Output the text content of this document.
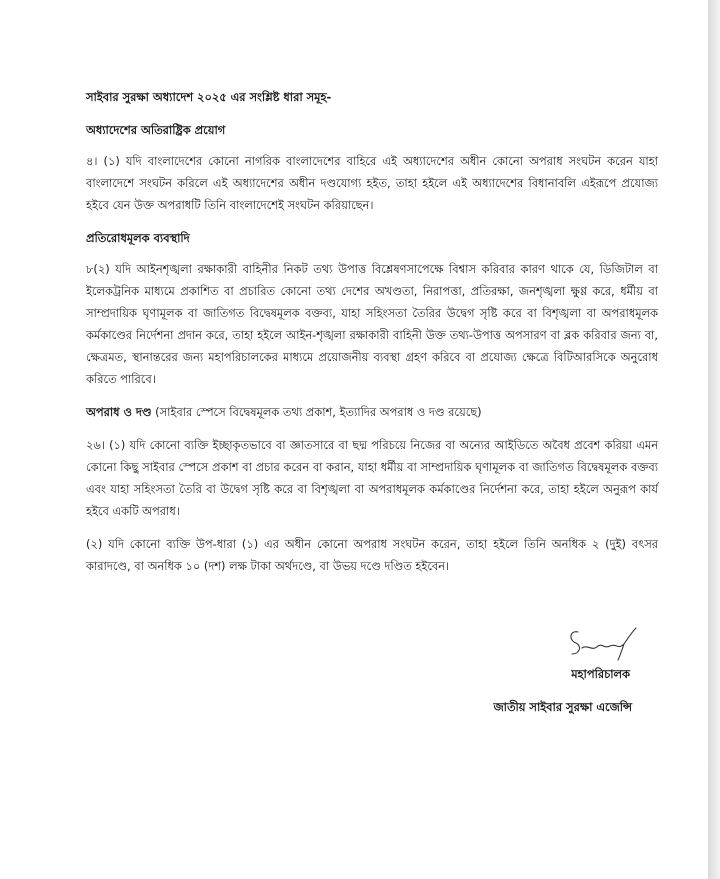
সাইবার সুরক্ষা অধ্যাদেশ ২০২৫ এর সংশ্লিষ্ট ধারা সমূহ-
অধ্যাদেশের অতিরাষ্ট্রিক প্রয়োগ
৪। (১) যদি বাংলাদেশের কোনো নাগরিক বাংলাদেশের বাহিরে এই অধ্যাদেশের অধীন কোনো অপরাধ সংঘটন করেন যাহা বাংলাদেশে সংঘটন করিলে এই অধ্যাদেশের অধীন দণ্ডযোগ্য হইত, তাহা হইলে এই অধ্যাদেশের বিধানাবলি এইরূপে প্রযোজ্য হইবে যেন উক্ত অপরাধটি তিনি বাংলাদেশেই সংঘটন করিয়াছেন।
প্রতিরোধমূলক ব্যবস্থাদি
৮(২) যদি আইনশৃঙ্খলা রক্ষাকারী বাহিনীর নিকট তথ্য উপাত্ত বিশ্লেষণসাপেক্ষে বিশ্বাস করিবার কারণ থাকে যে, ডিজিটাল বা ইলেকট্রনিক মাধ্যমে প্রকাশিত বা প্রচারিত কোনো তথ্য দেশের অখণ্ডতা, নিরাপত্তা, প্রতিরক্ষা, জনশৃঙ্খলা ক্ষুণ্ণ করে, ধর্মীয় বা সাম্প্রদায়িক ঘৃণামূলক বা জাতিগত বিদ্বেষমূলক বক্তব্য, যাহা সহিংসতা তৈরির উদ্বেগ সৃষ্টি করে বা বিশৃঙ্খলা বা অপরাধমূলক কর্মকাণ্ডের নির্দেশনা প্রদান করে, তাহা হইলে আইন-শৃঙ্খলা রক্ষাকারী বাহিনী উক্ত তথ্য-উপাত্ত অপসারণ বা ব্লক করিবার জন্য বা, ক্ষেত্রমত, স্থানান্তরের জন্য মহাপরিচালকের মাধ্যমে প্রয়োজনীয় ব্যবস্থা গ্রহণ করিবে বা প্রযোজ্য ক্ষেত্রে বিটিআরসিকে অনুরোধ করিতে পারিবে।
অপরাধ ও দণ্ড (সাইবার স্পেসে বিদ্বেষমূলক তথ্য প্রকাশ, ইত্যাদির অপরাধ ও দণ্ড রয়েছে)
২৬। (১) যদি কোনো ব্যক্তি ইচ্ছাকৃতভাবে বা জ্ঞাতসারে বা ছদ্ম পরিচয়ে নিজের বা অন্যের আইডিতে অবৈধ প্রবেশ করিয়া এমন কোনো কিছু সাইবার স্পেসে প্রকাশ বা প্রচার করেন বা করান, যাহা ধর্মীয় বা সাম্প্রদায়িক ঘৃণামূলক বা জাতিগত বিদ্বেষমূলক বক্তব্য এবং যাহা সহিংসতা তৈরি বা উদ্বেগ সৃষ্টি করে বা বিশৃঙ্খলা বা অপরাধমূলক কর্মকাণ্ডের নির্দেশনা করে, তাহা হইলে অনুরূপ কার্য হইবে একটি অপরাধ।
(২) যদি কোনো ব্যক্তি উপ-ধারা (১) এর অধীন কোনো অপরাধ সংঘটন করেন, তাহা হইলে তিনি অনধিক ২ (দুই) বৎসর কারাদণ্ডে, বা অনধিক ১০ (দশ) লক্ষ টাকা অর্থদণ্ডে, বা উভয় দণ্ডে দণ্ডিত হইবেন।
মহাপরিচালক
জাতীয় সাইবার সুরক্ষা এজেন্সি
